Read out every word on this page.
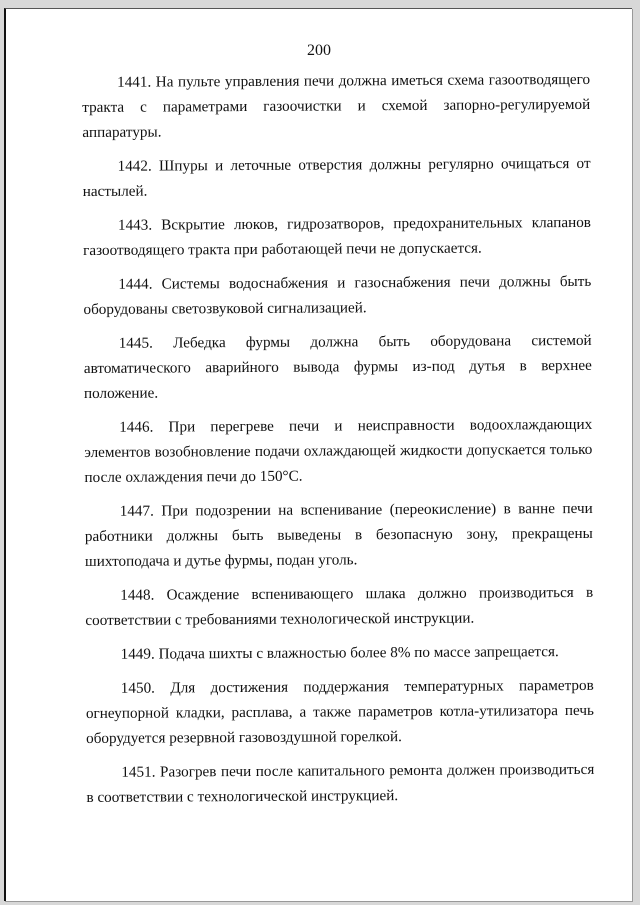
200

1441. На пульте управления печи должна иметься схема газоотводящего тракта с параметрами газоочистки и схемой запорно-регулируемой аппаратуры.

1442. Шпуры и леточные отверстия должны регулярно очищаться от настылей.

1443. Вскрытие люков, гидрозатворов, предохранительных клапанов газоотводящего тракта при работающей печи не допускается.

1444. Системы водоснабжения и газоснабжения печи должны быть оборудованы светозвуковой сигнализацией.

1445. Лебедка фурмы должна быть оборудована системой автоматического аварийного вывода фурмы из-под дутья в верхнее положение.

1446. При перегреве печи и неисправности водоохлаждающих элементов возобновление подачи охлаждающей жидкости допускается только после охлаждения печи до 150°С.

1447. При подозрении на вспенивание (переокисление) в ванне печи работники должны быть выведены в безопасную зону, прекращены шихтоподача и дутье фурмы, подан уголь.

1448. Осаждение вспенивающего шлака должно производиться в соответствии с требованиями технологической инструкции.

1449. Подача шихты с влажностью более 8% по массе запрещается.

1450. Для достижения поддержания температурных параметров огнеупорной кладки, расплава, а также параметров котла-утилизатора печь оборудуется резервной газовоздушной горелкой.

1451. Разогрев печи после капитального ремонта должен производиться в соответствии с технологической инструкцией.
